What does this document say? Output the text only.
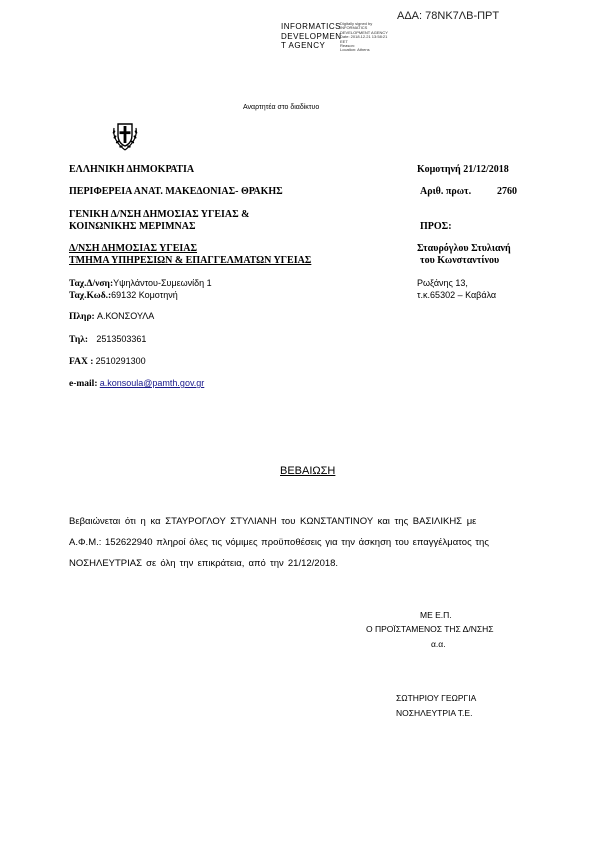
ΑΔΑ: 78ΝΚ7ΛΒ-ΠΡΤ
INFORMATICS
DEVELOPMEN
T AGENCY
Digitally signed by
INFORMATICS
DEVELOPMENT AGENCY
Date: 2018.12.21 13:58:21
EET
Reason:
Location: Athens
Αναρτητέα στο διαδίκτυο
ΕΛΛΗΝΙΚΗ ΔΗΜΟΚΡΑΤΙΑ
ΠΕΡΙΦΕΡΕΙΑ ΑΝΑΤ. ΜΑΚΕΔΟΝΙΑΣ- ΘΡΑΚΗΣ
ΓΕΝΙΚΗ Δ/ΝΣΗ ΔΗΜΟΣΙΑΣ ΥΓΕΙΑΣ &
ΚΟΙΝΩΝΙΚΗΣ ΜΕΡΙΜΝΑΣ
Δ/ΝΣΗ ΔΗΜΟΣΙΑΣ ΥΓΕΙΑΣ
ΤΜΗΜΑ ΥΠΗΡΕΣΙΩΝ & ΕΠΑΓΓΕΛΜΑΤΩΝ ΥΓΕΙΑΣ
Κομοτηνή 21/12/2018
Αριθ. πρωτ.	2760
ΠΡΟΣ:
Σταυρόγλου Στυλιανή
του Κωνσταντίνου
Ρωξάνης 13,
τ.κ.65302 – Καβάλα
Ταχ.Δ/νση:Υψηλάντου-Συμεωνίδη 1
Ταχ.Κωδ.:69132 Κομοτηνή
Πληρ: Α.ΚΟΝΣΟΥΛΑ
Τηλ: 2513503361
FAX : 2510291300
e-mail: a.konsoula@pamth.gov.gr
ΒΕΒΑΙΩΣΗ
Βεβαιώνεται ότι η κα ΣΤΑΥΡΟΓΛΟΥ ΣΤΥΛΙΑΝΗ του ΚΩΝΣΤΑΝΤΙΝΟΥ και της ΒΑΣΙΛΙΚΗΣ με
Α.Φ.Μ.: 152622940 πληροί όλες τις νόμιμες προϋποθέσεις για την άσκηση του επαγγέλματος της
ΝΟΣΗΛΕΥΤΡΙΑΣ σε όλη την επικράτεια, από την 21/12/2018.
ΜΕ Ε.Π.
Ο ΠΡΟΪΣΤΑΜΕΝΟΣ ΤΗΣ Δ/ΝΣΗΣ
α.α.
ΣΩΤΗΡΙΟΥ ΓΕΩΡΓΙΑ
ΝΟΣΗΛΕΥΤΡΙΑ Τ.Ε.
